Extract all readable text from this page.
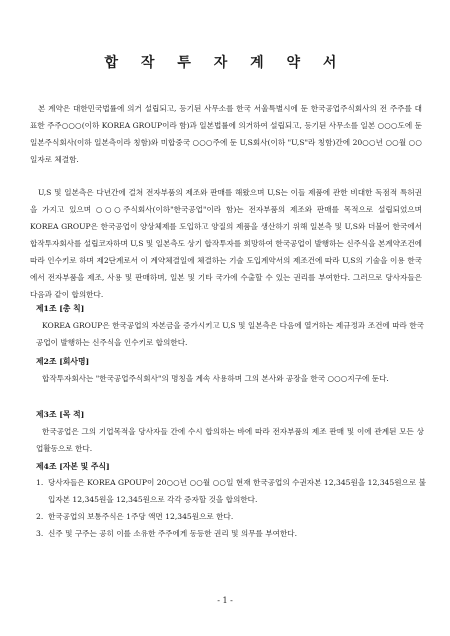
합 작 투 자 계 약 서

본 계약은 대한민국법률에 의거 설립되고, 등기된 사무소를 한국 서울특별시에 둔 한국공업주식회사의 전 주주를 대표한 주주○○○(이하 KOREA GROUP이라 함)과 일본법률에 의거하여 설립되고, 등기된 사무소를 일본 ○○○도에 둔 일본주식회사(이하 일본측이라 칭함)와 미합중국 ○○○주에 둔 U,S회사(이하 "U,S"라 칭함)간에 20○○년 ○○월 ○○일자로 체결함.

U,S 및 일본측은 다년간에 걸쳐 전자부품의 제조와 판매를 해왔으며 U,S는 이들 제품에 관한 비대한 독점적 특허권을 가지고 있으며 ○○○주식회사(이하"한국공업"이라 함)는 전자부품의 제조와 판매를 목적으로 설립되었으며 KOREA GROUP은 한국공업이 양상체제를 도입하고 양질의 제품을 생산하기 위해 일본측 및 U,S와 더불어 한국에서 합작투자회사를 설립코자하며 U,S 및 일본측도 상기 합작투자를 희망하여 한국공업이 발행하는 신주식을 본계약조건에 따라 인수키로 하며 제2단계로서 이 계약체결일에 체결하는 기술 도입계약서의 제조건에 따라 U,S의 기술을 이용 한국에서 전자부품을 제조, 사용 및 판매하며, 일본 및 기타 국가에 수출할 수 있는 권리를 부여한다. 그러므로 당사자들은 다음과 같이 합의한다.

제1조 [총 칙]

KOREA GROUP은 한국공업의 자본금을 증가시키고 U,S 및 일본측은 다음에 열거하는 제규정과 조건에 따라 한국공업이 발행하는 신주식을 인수키로 합의한다.

제2조 [회사명]

합작투자회사는 "한국공업주식회사"의 명칭을 계속 사용하며 그의 본사와 공장을 한국 ○○○지구에 둔다.

제3조 [목 적]

한국공업은 그의 기업목적을 당사자들 간에 수시 합의하는 바에 따라 전자부품의 제조 판매 및 이에 관계된 모든 상업활동으로 한다.

제4조 [자본 및 주식]

1. 당사자들은 KOREA GPOUP이 20○○년 ○○월 ○○일 현재 한국공업의 수권자본 12,345원을 12,345원으로 불입자본 12,345원을 12,345원으로 각각 증자할 것을 합의한다.
2. 한국공업의 보통주식은 1주당 액면 12,345원으로 한다.
3. 신주 및 구주는 공히 이를 소유한 주주에게 동등한 권리 및 의무를 부여한다.
- 1 -
